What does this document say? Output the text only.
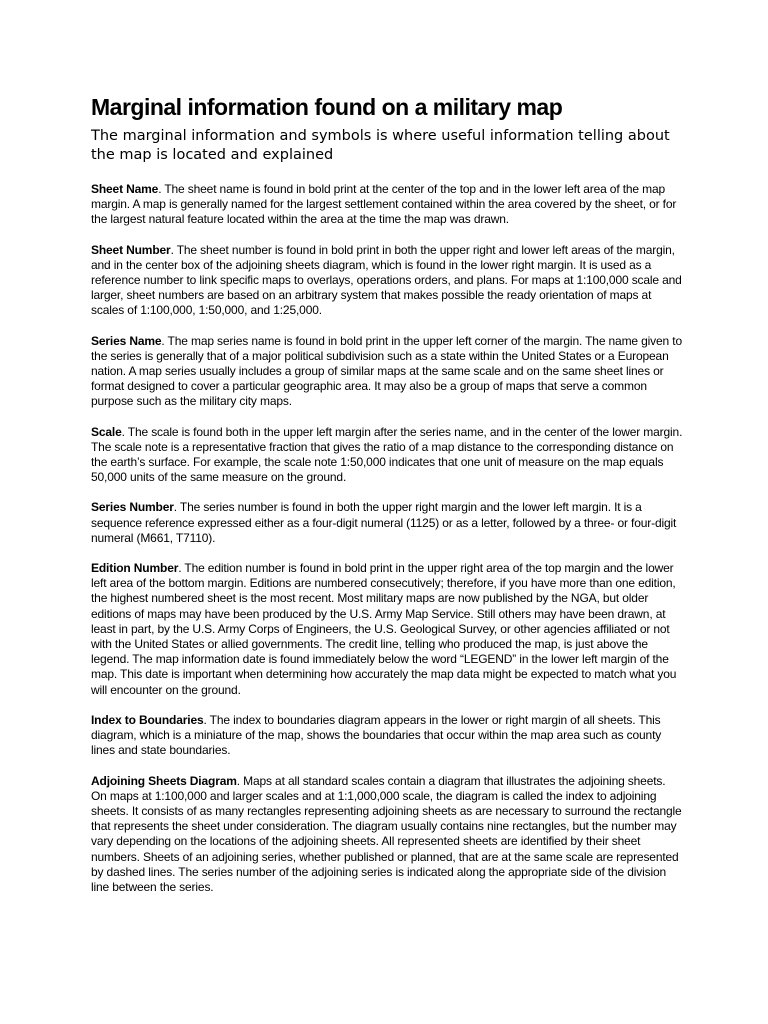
Marginal information found on a military map

The marginal information and symbols is where useful information telling about the map is located and explained

Sheet Name. The sheet name is found in bold print at the center of the top and in the lower left area of the map margin. A map is generally named for the largest settlement contained within the area covered by the sheet, or for the largest natural feature located within the area at the time the map was drawn.

Sheet Number. The sheet number is found in bold print in both the upper right and lower left areas of the margin, and in the center box of the adjoining sheets diagram, which is found in the lower right margin. It is used as a reference number to link specific maps to overlays, operations orders, and plans. For maps at 1:100,000 scale and larger, sheet numbers are based on an arbitrary system that makes possible the ready orientation of maps at scales of 1:100,000, 1:50,000, and 1:25,000.

Series Name. The map series name is found in bold print in the upper left corner of the margin. The name given to the series is generally that of a major political subdivision such as a state within the United States or a European nation. A map series usually includes a group of similar maps at the same scale and on the same sheet lines or format designed to cover a particular geographic area. It may also be a group of maps that serve a common purpose such as the military city maps.

Scale. The scale is found both in the upper left margin after the series name, and in the center of the lower margin. The scale note is a representative fraction that gives the ratio of a map distance to the corresponding distance on the earth’s surface. For example, the scale note 1:50,000 indicates that one unit of measure on the map equals 50,000 units of the same measure on the ground.

Series Number. The series number is found in both the upper right margin and the lower left margin. It is a sequence reference expressed either as a four-digit numeral (1125) or as a letter, followed by a three- or four-digit numeral (M661, T7110).

Edition Number. The edition number is found in bold print in the upper right area of the top margin and the lower left area of the bottom margin. Editions are numbered consecutively; therefore, if you have more than one edition, the highest numbered sheet is the most recent. Most military maps are now published by the NGA, but older editions of maps may have been produced by the U.S. Army Map Service. Still others may have been drawn, at least in part, by the U.S. Army Corps of Engineers, the U.S. Geological Survey, or other agencies affiliated or not with the United States or allied governments. The credit line, telling who produced the map, is just above the legend. The map information date is found immediately below the word “LEGEND” in the lower left margin of the map. This date is important when determining how accurately the map data might be expected to match what you will encounter on the ground.

Index to Boundaries. The index to boundaries diagram appears in the lower or right margin of all sheets. This diagram, which is a miniature of the map, shows the boundaries that occur within the map area such as county lines and state boundaries.

Adjoining Sheets Diagram. Maps at all standard scales contain a diagram that illustrates the adjoining sheets. On maps at 1:100,000 and larger scales and at 1:1,000,000 scale, the diagram is called the index to adjoining sheets. It consists of as many rectangles representing adjoining sheets as are necessary to surround the rectangle that represents the sheet under consideration. The diagram usually contains nine rectangles, but the number may vary depending on the locations of the adjoining sheets. All represented sheets are identified by their sheet numbers. Sheets of an adjoining series, whether published or planned, that are at the same scale are represented by dashed lines. The series number of the adjoining series is indicated along the appropriate side of the division line between the series.
